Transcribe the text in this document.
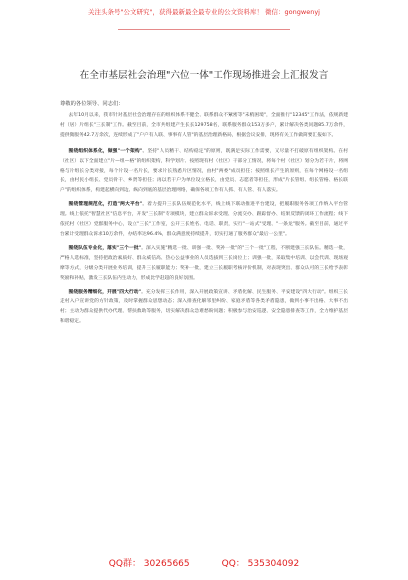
关注头条号"公文研究"，获得最新最全最专业的公文资料库！ 微信：gongwenyj
公文研究 · 资料库
在全市基层社会治理"六位一体"工作现场推进会上汇报发言
尊敬的各位领导、同志们：

去年10月以来，我市针对基层社会治理存在的组织体系不健全、联系群众不紧密等"末梢困境"，全面推行"12345"工作法，依规新建村（居）片组长"三长制"工作。截至目前，全市共组建产生长长129758名，联系服务群众153万多户，累计解决各类问题85.7万余件，提供微服务42.7万余次，连续形成了"户户有人联、事事有人管"的基层治理新格局，根据会议安排，现将有关工作做简要汇报如下。

围绕组织体系化，做强"一个架构"。坚持"人员精干、结构稳定"的原则，既满足实际工作需要，又尽量不打破原有组织架构。在村（社区）以下全面建立"片—组—格"的组织架构，科学划片、按照现有村（社区）干部分工情况，将每个村（社区）划分为若干片，将网格与片组长分类对接，每个片设一名片长，要求片长熟悉片区情况，由村"两委"成员担任；按照组长产生的原则，在每个网格设一名组长，由村民小组长、党员骨干、乡贤等担任；再以若干户为单位设立格长，由党员、志愿者等担任，形成"片长管组、组长管格、格长联户"的组织体系，构建起横向到边、纵向到底的基层治理网络，确保各项工作有人抓、有人管、有人落实。

围绕管理规范化，打造"两大平台"。着力提升三长队伍规范化水平，线上线下联动推进平台建设，把履职服务各项工作纳入平台管理。线上依托"智慧社区"信息平台，开发"三长制"专项模块，建立群众诉求受理、分流交办、跟踪督办、结果反馈的闭环工作流程；线下依托村（社区）党群服务中心，设立"三长"工作室，公开三长姓名、电话、职责，实行"一站式"受理、"一条龙"服务。截至目前，通过平台累计受理群众诉求10万余件，办结率达96.4%，群众满意度持续提升，切实打通了服务群众"最后一公里"。

围绕队伍专业化，落实"三个一批"。深入实施"精选一批、训强一批、奖补一批"的"三个一批"工程，不断建强三长队伍。精选一批，严格人选标准，坚持把政治素质好、群众威信高、热心公益事业的人员选拔到三长岗位上；训强一批，采取集中培训、以会代训、现场观摩等方式，分级分类开展业务培训，提升三长履职能力；奖补一批，建立三长履职考核评价机制，对表现突出、群众认可的三长给予表彰奖励和补贴，激发三长队伍内生动力，形成比学赶超的良好氛围。

围绕服务精细化，开展"四大行动"。充分发挥三长作用，深入开展政策宣讲、矛盾化解、民生服务、平安建设"四大行动"。组织三长走村入户宣讲党的方针政策，及时掌握群众思想动态；深入排查化解邻里纠纷、家庭矛盾等各类矛盾隐患，做到小事不出格、大事不出村；主动为群众提供代办代理、帮扶救助等服务，切实解决群众急难愁盼问题；积极参与治安巡逻、安全隐患排查等工作，全力维护基层和谐稳定。

QQ群： 30265665	QQ： 535304092
